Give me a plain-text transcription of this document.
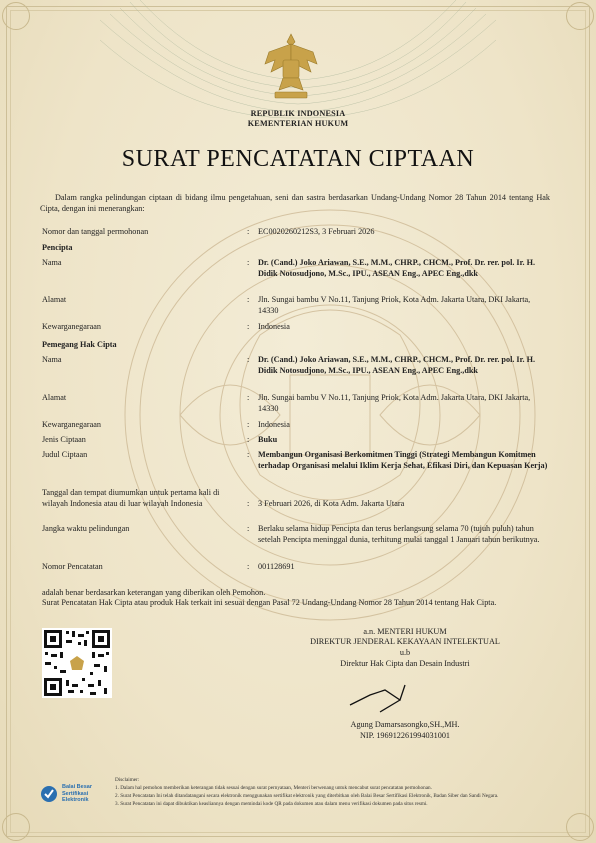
REPUBLIK INDONESIA
KEMENTERIAN HUKUM
SURAT PENCATATAN CIPTAAN
Dalam rangka pelindungan ciptaan di bidang ilmu pengetahuan, seni dan sastra berdasarkan Undang-Undang Nomor 28 Tahun 2014 tentang Hak Cipta, dengan ini menerangkan:
Nomor dan tanggal permohonan	: EC0020260212S3, 3 Februari 2026
Pencipta
Nama	: Dr. (Cand.) Joko Ariawan, S.E., M.M., CHRP., CHCM., Prof. Dr. rer. pol. Ir. H. Didik Notosudjono, M.Sc., IPU., ASEAN Eng., APEC Eng.,dkk
Alamat	: Jln. Sungai bambu V No.11, Tanjung Priok, Kota Adm. Jakarta Utara, DKI Jakarta, 14330
Kewarganegaraan	: Indonesia
Pemegang Hak Cipta
Nama	: Dr. (Cand.) Joko Ariawan, S.E., M.M., CHRP., CHCM., Prof. Dr. rer. pol. Ir. H. Didik Notosudjono, M.Sc., IPU., ASEAN Eng., APEC Eng.,dkk
Alamat	: Jln. Sungai bambu V No.11, Tanjung Priok, Kota Adm. Jakarta Utara, DKI Jakarta, 14330
Kewarganegaraan	: Indonesia
Jenis Ciptaan	: Buku
Judul Ciptaan	: Membangun Organisasi Berkomitmen Tinggi (Strategi Membangun Komitmen terhadap Organisasi melalui Iklim Kerja Sehat, Efikasi Diri, dan Kepuasan Kerja)
Tanggal dan tempat diumumkan untuk pertama kali di wilayah Indonesia atau di luar wilayah Indonesia	: 3 Februari 2026, di Kota Adm. Jakarta Utara
Jangka waktu pelindungan	: Berlaku selama hidup Pencipta dan terus berlangsung selama 70 (tujuh puluh) tahun setelah Pencipta meninggal dunia, terhitung mulai tanggal 1 Januari tahun berikutnya.
Nomor Pencatatan	: 001128691
adalah benar berdasarkan keterangan yang diberikan oleh Pemohon.
Surat Pencatatan Hak Cipta atau produk Hak terkait ini sesuai dengan Pasal 72 Undang-Undang Nomor 28 Tahun 2014 tentang Hak Cipta.
a.n. MENTERI HUKUM
DIREKTUR JENDERAL KEKAYAAN INTELEKTUAL
u.b
Direktur Hak Cipta dan Desain Industri
Agung Damarsasongko,SH.,MH.
NIP. 196912261994031001
Balai Besar
Sertifikasi
Elektronik
Disclaimer:
1. Dalam hal pemohon memberikan keterangan tidak sesuai dengan surat pernyataan, Menteri berwenang untuk mencabut surat pencatatan permohonan.
2. Surat Pencatatan Ini telah ditandatangani secara elektronik menggunakan sertifikat elektronik yang diterbitkan oleh Balai Besar Sertifikasi Elektronik, Badan Siber dan Sandi Negara.
3. Surat Pencatatan ini dapat dibuktikan keasliannya dengan memindai kode QR pada dokumen atau dalam menu verifikasi dokumen pada situs resmi.
